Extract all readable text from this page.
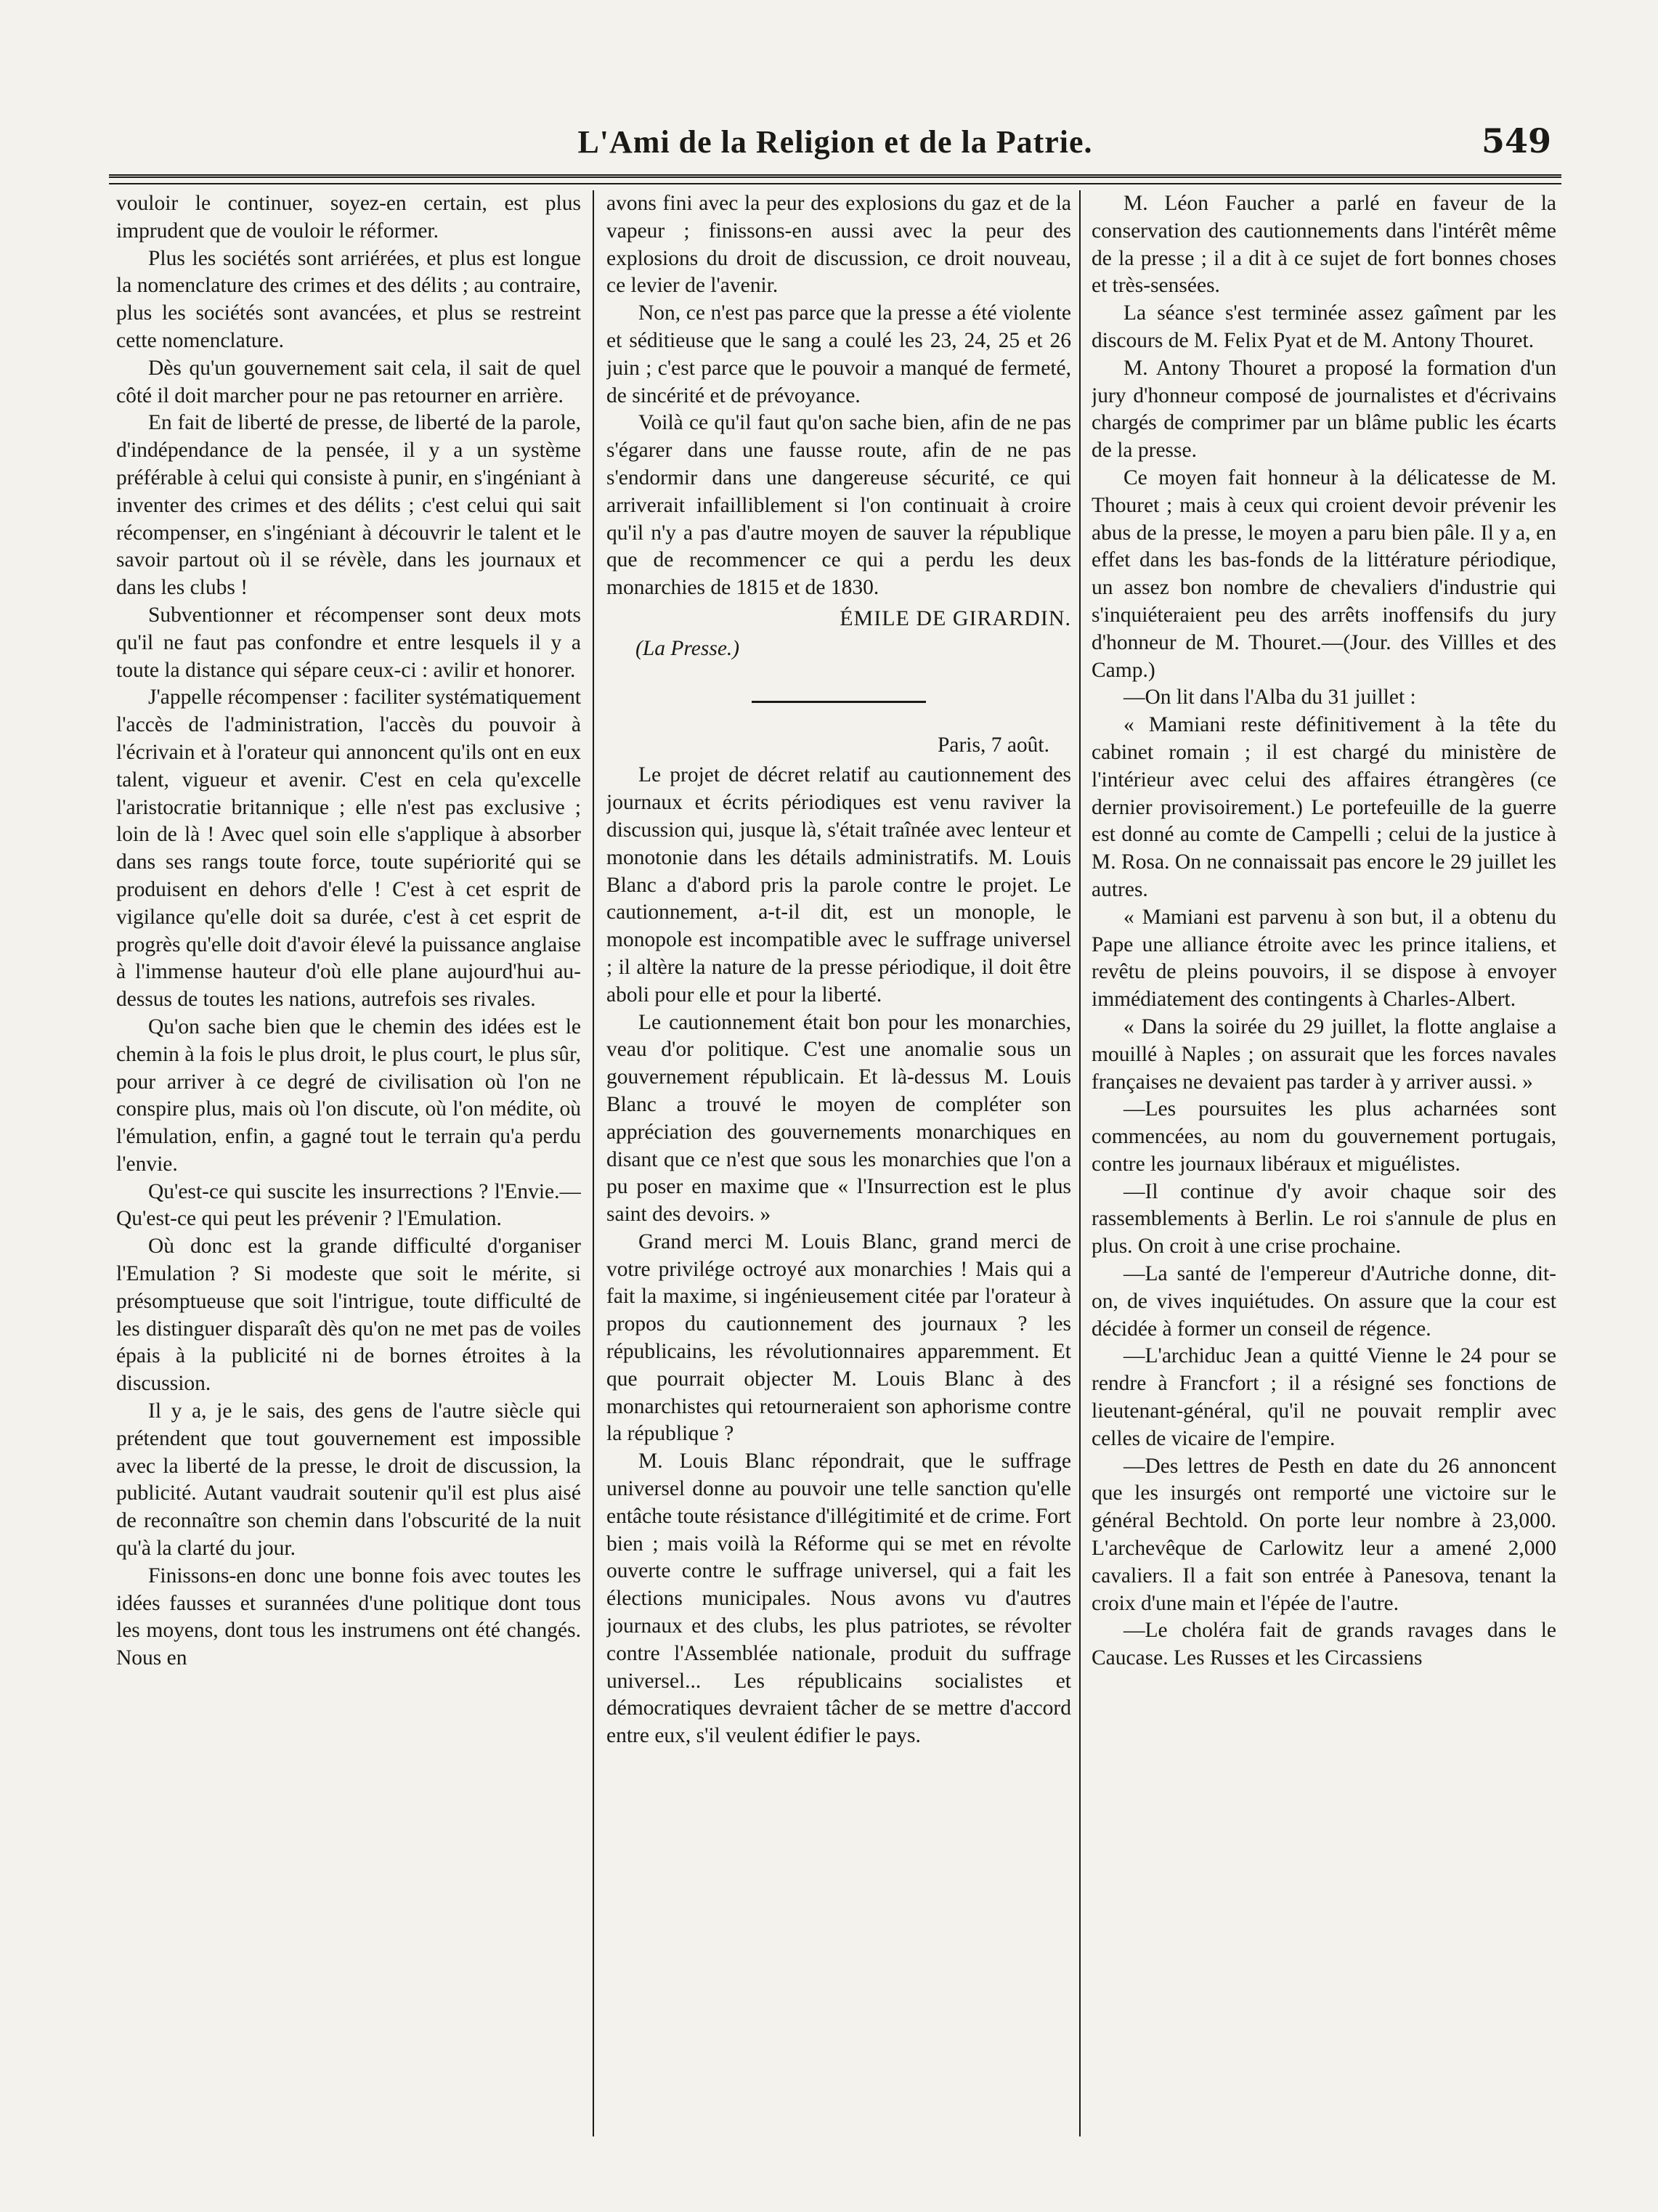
L'Ami de la Religion et de la Patrie.	549

vouloir le continuer, soyez-en certain, est plus imprudent que de vouloir le réformer.

Plus les sociétés sont arriérées, et plus est longue la nomenclature des crimes et des délits ; au contraire, plus les sociétés sont avancées, et plus se restreint cette nomenclature.

Dès qu'un gouvernement sait cela, il sait de quel côté il doit marcher pour ne pas retourner en arrière.

En fait de liberté de presse, de liberté de la parole, d'indépendance de la pensée, il y a un système préférable à celui qui consiste à punir, en s'ingéniant à inventer des crimes et des délits ; c'est celui qui sait récompenser, en s'ingéniant à découvrir le talent et le savoir partout où il se révèle, dans les journaux et dans les clubs !

Subventionner et récompenser sont deux mots qu'il ne faut pas confondre et entre lesquels il y a toute la distance qui sépare ceux-ci : avilir et honorer.

J'appelle récompenser : faciliter systématiquement l'accès de l'administration, l'accès du pouvoir à l'écrivain et à l'orateur qui annoncent qu'ils ont en eux talent, vigueur et avenir. C'est en cela qu'excelle l'aristocratie britannique ; elle n'est pas exclusive ; loin de là ! Avec quel soin elle s'applique à absorber dans ses rangs toute force, toute supériorité qui se produisent en dehors d'elle ! C'est à cet esprit de vigilance qu'elle doit sa durée, c'est à cet esprit de progrès qu'elle doit d'avoir élevé la puissance anglaise à l'immense hauteur d'où elle plane aujourd'hui au-dessus de toutes les nations, autrefois ses rivales.

Qu'on sache bien que le chemin des idées est le chemin à la fois le plus droit, le plus court, le plus sûr, pour arriver à ce degré de civilisation où l'on ne conspire plus, mais où l'on discute, où l'on médite, où l'émulation, enfin, a gagné tout le terrain qu'a perdu l'envie.

Qu'est-ce qui suscite les insurrections ? l'Envie.—Qu'est-ce qui peut les prévenir ? l'Emulation.

Où donc est la grande difficulté d'organiser l'Emulation ? Si modeste que soit le mérite, si présomptueuse que soit l'intrigue, toute difficulté de les distinguer disparaît dès qu'on ne met pas de voiles épais à la publicité ni de bornes étroites à la discussion.

Il y a, je le sais, des gens de l'autre siècle qui prétendent que tout gouvernement est impossible avec la liberté de la presse, le droit de discussion, la publicité. Autant vaudrait soutenir qu'il est plus aisé de reconnaître son chemin dans l'obscurité de la nuit qu'à la clarté du jour.

Finissons-en donc une bonne fois avec toutes les idées fausses et surannées d'une politique dont tous les moyens, dont tous les instrumens ont été changés. Nous en

avons fini avec la peur des explosions du gaz et de la vapeur ; finissons-en aussi avec la peur des explosions du droit de discussion, ce droit nouveau, ce levier de l'avenir.

Non, ce n'est pas parce que la presse a été violente et séditieuse que le sang a coulé les 23, 24, 25 et 26 juin ; c'est parce que le pouvoir a manqué de fermeté, de sincérité et de prévoyance.

Voilà ce qu'il faut qu'on sache bien, afin de ne pas s'égarer dans une fausse route, afin de ne pas s'endormir dans une dangereuse sécurité, ce qui arriverait infailliblement si l'on continuait à croire qu'il n'y a pas d'autre moyen de sauver la république que de recommencer ce qui a perdu les deux monarchies de 1815 et de 1830.

ÉMILE DE GIRARDIN.

(La Presse.)

Paris, 7 août.

Le projet de décret relatif au cautionnement des journaux et écrits périodiques est venu raviver la discussion qui, jusque là, s'était traînée avec lenteur et monotonie dans les détails administratifs. M. Louis Blanc a d'abord pris la parole contre le projet. Le cautionnement, a-t-il dit, est un monople, le monopole est incompatible avec le suffrage universel ; il altère la nature de la presse périodique, il doit être aboli pour elle et pour la liberté.

Le cautionnement était bon pour les monarchies, veau d'or politique. C'est une anomalie sous un gouvernement républicain. Et là-dessus M. Louis Blanc a trouvé le moyen de compléter son appréciation des gouvernements monarchiques en disant que ce n'est que sous les monarchies que l'on a pu poser en maxime que « l'Insurrection est le plus saint des devoirs. »

Grand merci M. Louis Blanc, grand merci de votre privilége octroyé aux monarchies ! Mais qui a fait la maxime, si ingénieusement citée par l'orateur à propos du cautionnement des journaux ? les républicains, les révolutionnaires apparemment. Et que pourrait objecter M. Louis Blanc à des monarchistes qui retourneraient son aphorisme contre la république ?

M. Louis Blanc répondrait, que le suffrage universel donne au pouvoir une telle sanction qu'elle entâche toute résistance d'illégitimité et de crime. Fort bien ; mais voilà la Réforme qui se met en révolte ouverte contre le suffrage universel, qui a fait les élections municipales. Nous avons vu d'autres journaux et des clubs, les plus patriotes, se révolter contre l'Assemblée nationale, produit du suffrage universel... Les républicains socialistes et démocratiques devraient tâcher de se mettre d'accord entre eux, s'il veulent édifier le pays.

M. Léon Faucher a parlé en faveur de la conservation des cautionnements dans l'intérêt même de la presse ; il a dit à ce sujet de fort bonnes choses et très-sensées.

La séance s'est terminée assez gaîment par les discours de M. Felix Pyat et de M. Antony Thouret.

M. Antony Thouret a proposé la formation d'un jury d'honneur composé de journalistes et d'écrivains chargés de comprimer par un blâme public les écarts de la presse.

Ce moyen fait honneur à la délicatesse de M. Thouret ; mais à ceux qui croient devoir prévenir les abus de la presse, le moyen a paru bien pâle. Il y a, en effet dans les bas-fonds de la littérature périodique, un assez bon nombre de chevaliers d'industrie qui s'inquiéteraient peu des arrêts inoffensifs du jury d'honneur de M. Thouret.—(Jour. des Villles et des Camp.)

—On lit dans l'Alba du 31 juillet :

« Mamiani reste définitivement à la tête du cabinet romain ; il est chargé du ministère de l'intérieur avec celui des affaires étrangères (ce dernier provisoirement.) Le portefeuille de la guerre est donné au comte de Campelli ; celui de la justice à M. Rosa. On ne connaissait pas encore le 29 juillet les autres.

« Mamiani est parvenu à son but, il a obtenu du Pape une alliance étroite avec les prince italiens, et revêtu de pleins pouvoirs, il se dispose à envoyer immédiatement des contingents à Charles-Albert.

« Dans la soirée du 29 juillet, la flotte anglaise a mouillé à Naples ; on assurait que les forces navales françaises ne devaient pas tarder à y arriver aussi. »

—Les poursuites les plus acharnées sont commencées, au nom du gouvernement portugais, contre les journaux libéraux et miguélistes.

—Il continue d'y avoir chaque soir des rassemblements à Berlin. Le roi s'annule de plus en plus. On croit à une crise prochaine.

—La santé de l'empereur d'Autriche donne, dit-on, de vives inquiétudes. On assure que la cour est décidée à former un conseil de régence.

—L'archiduc Jean a quitté Vienne le 24 pour se rendre à Francfort ; il a résigné ses fonctions de lieutenant-général, qu'il ne pouvait remplir avec celles de vicaire de l'empire.

—Des lettres de Pesth en date du 26 annoncent que les insurgés ont remporté une victoire sur le général Bechtold. On porte leur nombre à 23,000. L'archevêque de Carlowitz leur a amené 2,000 cavaliers. Il a fait son entrée à Panesova, tenant la croix d'une main et l'épée de l'autre.

—Le choléra fait de grands ravages dans le Caucase. Les Russes et les Circassiens
